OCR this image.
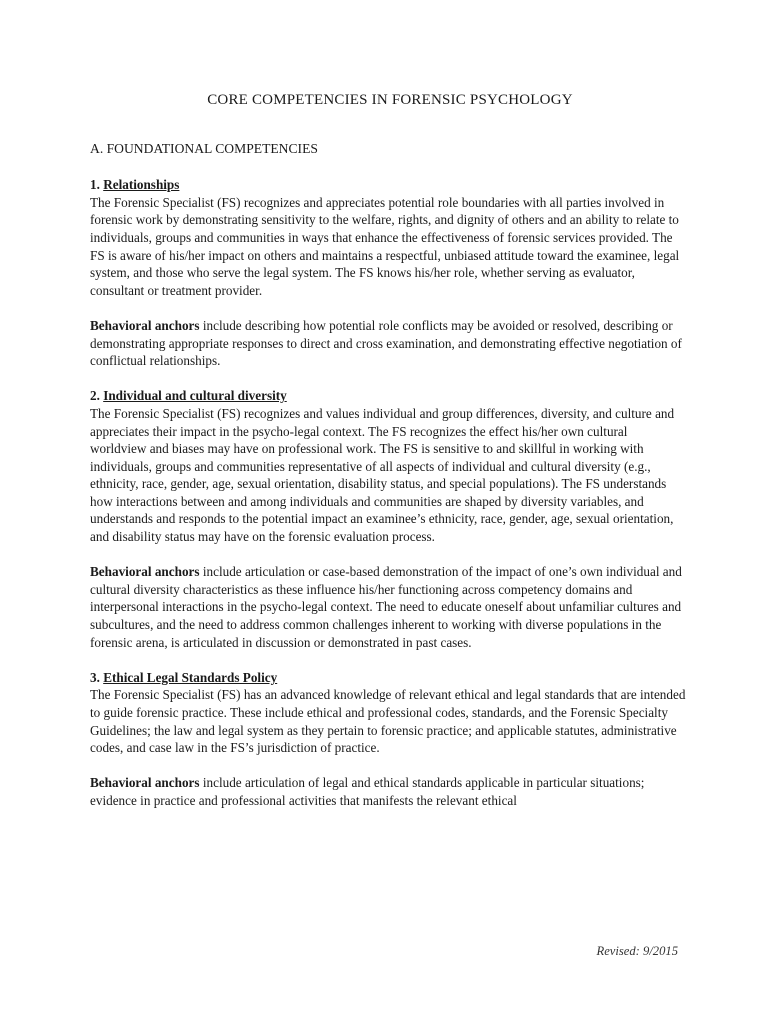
CORE COMPETENCIES IN FORENSIC PSYCHOLOGY
A. FOUNDATIONAL COMPETENCIES
1. Relationships

The Forensic Specialist (FS) recognizes and appreciates potential role boundaries with all parties involved in forensic work by demonstrating sensitivity to the welfare, rights, and dignity of others and an ability to relate to individuals, groups and communities in ways that enhance the effectiveness of forensic services provided. The FS is aware of his/her impact on others and maintains a respectful, unbiased attitude toward the examinee, legal system, and those who serve the legal system. The FS knows his/her role, whether serving as evaluator, consultant or treatment provider.

Behavioral anchors include describing how potential role conflicts may be avoided or resolved, describing or demonstrating appropriate responses to direct and cross examination, and demonstrating effective negotiation of conflictual relationships.

2. Individual and cultural diversity

The Forensic Specialist (FS) recognizes and values individual and group differences, diversity, and culture and appreciates their impact in the psycho-legal context. The FS recognizes the effect his/her own cultural worldview and biases may have on professional work. The FS is sensitive to and skillful in working with individuals, groups and communities representative of all aspects of individual and cultural diversity (e.g., ethnicity, race, gender, age, sexual orientation, disability status, and special populations). The FS understands how interactions between and among individuals and communities are shaped by diversity variables, and understands and responds to the potential impact an examinee’s ethnicity, race, gender, age, sexual orientation, and disability status may have on the forensic evaluation process.

Behavioral anchors include articulation or case-based demonstration of the impact of one’s own individual and cultural diversity characteristics as these influence his/her functioning across competency domains and interpersonal interactions in the psycho-legal context. The need to educate oneself about unfamiliar cultures and subcultures, and the need to address common challenges inherent to working with diverse populations in the forensic arena, is articulated in discussion or demonstrated in past cases.

3. Ethical Legal Standards Policy

The Forensic Specialist (FS) has an advanced knowledge of relevant ethical and legal standards that are intended to guide forensic practice. These include ethical and professional codes, standards, and the Forensic Specialty Guidelines; the law and legal system as they pertain to forensic practice; and applicable statutes, administrative codes, and case law in the FS’s jurisdiction of practice.

Behavioral anchors include articulation of legal and ethical standards applicable in particular situations; evidence in practice and professional activities that manifests the relevant ethical

Revised: 9/2015
